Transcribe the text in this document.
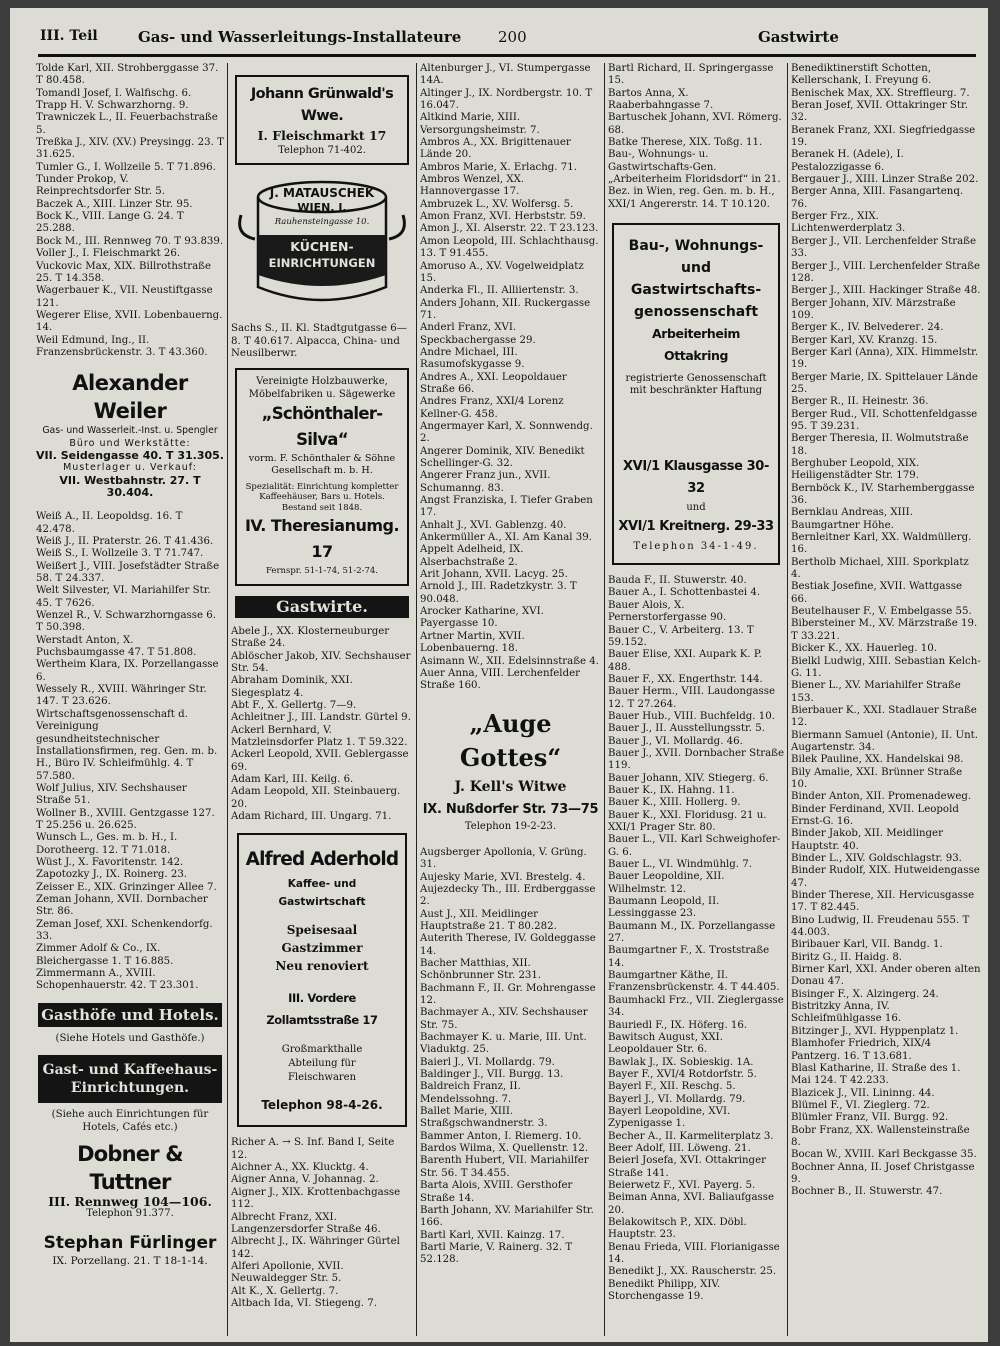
III. Teil	Gas- und Wasserleitungs-Installateure 200	Gastwirte
Tolde Karl, XII. Strohberggasse 37. T 80.458.
Tomandl Josef, I. Walfischg. 6.
Trapp H. V. Schwarzhorng. 9.
Trawniczek L., II. Feuerbachstraße 5.
Treßka J., XIV. (XV.) Preysingg. 23. T 31.625.
Tumler G., I. Wollzeile 5. T 71.896.
Tunder Prokop, V. Reinprechtsdorfer Str. 5.
Baczek A., XIII. Linzer Str. 95.
Bock K., VIII. Lange G. 24. T 25.288.
Bock M., III. Rennweg 70. T 93.839.
Voller J., I. Fleischmarkt 26.
Vuckovic Max, XIX. Billrothstraße 25. T 14.358.
Wagerbauer K., VII. Neustiftgasse 121.
Wegerer Elise, XVII. Lobenbauerng. 14.
Weil Edmund, Ing., II. Franzensbrückenstr. 3. T 43.360.
Alexander Weiler
Gas- und Wasserleit.-Inst. u. Spengler
Büro und Werkstätte:
VII. Seidengasse 40. T 31.305.
Musterlager u. Verkauf:
VII. Westbahnstr. 27. T 30.404.
Weiß A., II. Leopoldsg. 16. T 42.478.
Weiß J., II. Praterstr. 26. T 41.436.
Weiß S., I. Wollzeile 3. T 71.747.
Weißert J., VIII. Josefstädter Straße 58. T 24.337.
Welt Silvester, VI. Mariahilfer Str. 45. T 7626.
Wenzel R., V. Schwarzhorngasse 6. T 50.398.
Werstadt Anton, X. Puchsbaumgasse 47. T 51.808.
Wertheim Klara, IX. Porzellangasse 6.
Wessely R., XVIII. Währinger Str. 147. T 23.626.
Wirtschaftsgenossenschaft d. Vereinigung gesundheitstechnischer Installationsfirmen, reg. Gen. m. b. H., Büro IV. Schleifmühlg. 4. T 57.580.
Wolf Julius, XIV. Sechshauser Straße 51.
Wollner B., XVIII. Gentzgasse 127. T 25.256 u. 26.625.
Wunsch L., Ges. m. b. H., I. Dorotheerg. 12. T 71.018.
Wüst J., X. Favoritenstr. 142.
Zapotozky J., IX. Roinerg. 23.
Zeisser E., XIX. Grinzinger Allee 7.
Zeman Johann, XVII. Dornbacher Str. 86.
Zeman Josef, XXI. Schenkendorfg. 33.
Zimmer Adolf & Co., IX. Bleichergasse 1. T 16.885.
Zimmermann A., XVIII. Schopenhauerstr. 42. T 23.301.
Gasthöfe und Hotels.
(Siehe Hotels und Gasthöfe.)
Gast- und Kaffeehaus-
Einrichtungen.
(Siehe auch Einrichtungen für Hotels, Cafés etc.)
Dobner & Tuttner
III. Rennweg 104—106.
Telephon 91.377.
Stephan Fürlinger
IX. Porzellang. 21. T 18-1-14.
Johann Grünwald's Wwe.
I. Fleischmarkt 17
Telephon 71-402.
J. MATAUSCHEK
WIEN, I.
Rauhensteingasse 10.
KÜCHEN-
EINRICHTUNGEN
Sachs S., II. Kl. Stadtgutgasse 6—8. T 40.617. Alpacca, China- und Neusilberwr.
Vereinigte Holzbauwerke,
Möbelfabriken u. Sägewerke
„Schönthaler-Silva“
vorm. F. Schönthaler & Söhne
Gesellschaft m. b. H.
Spezialität: Einrichtung kompletter Kaffeehäuser, Bars u. Hotels. Bestand seit 1848.
IV. Theresianumg. 17
Fernspr. 51-1-74, 51-2-74.
Gastwirte.
Abele J., XX. Klosterneuburger Straße 24.
Ablöscher Jakob, XIV. Sechshauser Str. 54.
Abraham Dominik, XXI. Siegesplatz 4.
Abt F., X. Gellertg. 7—9.
Achleitner J., III. Landstr. Gürtel 9.
Ackerl Bernhard, V. Matzleinsdorfer Platz 1. T 59.322.
Ackerl Leopold, XVII. Geblergasse 69.
Adam Karl, III. Keilg. 6.
Adam Leopold, XII. Steinbauerg. 20.
Adam Richard, III. Ungarg. 71.
Alfred Aderhold
Kaffee- und Gastwirtschaft
Speisesaal
Gastzimmer
Neu renoviert
III. Vordere Zollamtsstraße 17
Großmarkthalle
Abteilung für
Fleischwaren
Telephon 98-4-26.
Richer A. → S. Inf. Band I, Seite 12.
Aichner A., XX. Klucktg. 4.
Aigner Anna, V. Johannag. 2.
Aigner J., XIX. Krottenbachgasse 112.
Albrecht Franz, XXI. Langenzersdorfer Straße 46.
Albrecht J., IX. Währinger Gürtel 142.
Alferi Apollonie, XVII. Neuwaldegger Str. 5.
Alt K., X. Gellertg. 7.
Altbach Ida, VI. Stiegeng. 7.
Altenburger J., VI. Stumpergasse 14A.
Altinger J., IX. Nordbergstr. 10. T 16.047.
Altkind Marie, XIII. Versorgungsheimstr. 7.
Ambros A., XX. Brigittenauer Lände 20.
Ambros Marie, X. Erlachg. 71.
Ambros Wenzel, XX. Hannovergasse 17.
Ambruzek L., XV. Wolfersg. 5.
Amon Franz, XVI. Herbststr. 59.
Amon J., XI. Alserstr. 22. T 23.123.
Amon Leopold, III. Schlachthausg. 13. T 91.455.
Amoruso A., XV. Vogelweidplatz 15.
Anderka Fl., II. Alliiertenstr. 3.
Anders Johann, XII. Ruckergasse 71.
Anderl Franz, XVI. Speckbachergasse 29.
Andre Michael, III. Rasumofskygasse 9.
Andres A., XXI. Leopoldauer Straße 66.
Andres Franz, XXI/4 Lorenz Kellner-G. 458.
Angermayer Karl, X. Sonnwendg. 2.
Angerer Dominik, XIV. Benedikt Schellinger-G. 32.
Angerer Franz jun., XVII. Schumanng. 83.
Angst Franziska, I. Tiefer Graben 17.
Anhalt J., XVI. Gablenzg. 40.
Ankermüller A., XI. Am Kanal 39.
Appelt Adelheid, IX. Alserbachstraße 2.
Arit Johann, XVII. Lacyg. 25.
Arnold J., III. Radetzkystr. 3. T 90.048.
Arocker Katharine, XVI. Payergasse 10.
Artner Martin, XVII. Lobenbauerng. 18.
Asimann W., XII. Edelsinnstraße 4.
Auer Anna, VIII. Lerchenfelder Straße 160.
„Auge Gottes“
J. Kell's Witwe
IX. Nußdorfer Str. 73—75
Telephon 19-2-23.
Augsberger Apollonia, V. Grüng. 31.
Aujesky Marie, XVI. Brestelg. 4.
Aujezdecky Th., III. Erdberggasse 2.
Aust J., XII. Meidlinger Hauptstraße 21. T 80.282.
Auterith Therese, IV. Goldeggasse 14.
Bacher Matthias, XII. Schönbrunner Str. 231.
Bachmann F., II. Gr. Mohrengasse 12.
Bachmayer A., XIV. Sechshauser Str. 75.
Bachmayer K. u. Marie, III. Unt. Viaduktg. 25.
Baierl J., VI. Mollardg. 79.
Baldinger J., VII. Burgg. 13.
Baldreich Franz, II. Mendelssohng. 7.
Ballet Marie, XIII. Straßgschwandnerstr. 3.
Bammer Anton, I. Riemerg. 10.
Bardos Wilma, X. Quellenstr. 12.
Barenth Hubert, VII. Mariahilfer Str. 56. T 34.455.
Barta Alois, XVIII. Gersthofer Straße 14.
Barth Johann, XV. Mariahilfer Str. 166.
Bartl Karl, XVII. Kainzg. 17.
Bartl Marie, V. Rainerg. 32. T 52.128.
Bartl Richard, II. Springergasse 15.
Bartos Anna, X. Raaberbahngasse 7.
Bartuschek Johann, XVI. Römerg. 68.
Batke Therese, XIX. Toßg. 11.
Bau-, Wohnungs- u. Gastwirtschafts-Gen. „Arbeiterheim Floridsdorf“ in 21. Bez. in Wien, reg. Gen. m. b. H., XXI/1 Angererstr. 14. T 10.120.
Bau-, Wohnungs-
und Gastwirtschafts-
genossenschaft
Arbeiterheim Ottakring
registrierte Genossenschaft
mit beschränkter Haftung
XVI/1 Klausgasse 30-32
und
XVI/1 Kreitnerg. 29-33
Telephon 34-1-49.
Bauda F., II. Stuwerstr. 40.
Bauer A., I. Schottenbastei 4.
Bauer Alois, X. Pernerstorfergasse 90.
Bauer C., V. Arbeiterg. 13. T 59.152.
Bauer Elise, XXI. Aupark K. P. 488.
Bauer F., XX. Engerthstr. 144.
Bauer Herm., VIII. Laudongasse 12. T 27.264.
Bauer Hub., VIII. Buchfeldg. 10.
Bauer J., II. Ausstellungsstr. 5.
Bauer J., VI. Mollardg. 46.
Bauer J., XVII. Dornbacher Straße 119.
Bauer Johann, XIV. Stiegerg. 6.
Bauer K., IX. Hahng. 11.
Bauer K., XIII. Hollerg. 9.
Bauer K., XXI. Floridusg. 21 u. XXI/1 Prager Str. 80.
Bauer L., VII. Karl Schweighofer-G. 6.
Bauer L., VI. Windmühlg. 7.
Bauer Leopoldine, XII. Wilhelmstr. 12.
Baumann Leopold, II. Lessinggasse 23.
Baumann M., IX. Porzellangasse 27.
Baumgartner F., X. Troststraße 14.
Baumgartner Käthe, II. Franzensbrückenstr. 4. T 44.405.
Baumhackl Frz., VII. Zieglergasse 34.
Bauriedl F., IX. Höferg. 16.
Bawitsch August, XXI. Leopoldauer Str. 6.
Bawlak J., IX. Sobieskig. 1A.
Bayer F., XVI/4 Rotdorfstr. 5.
Bayerl F., XII. Reschg. 5.
Bayerl J., VI. Mollardg. 79.
Bayerl Leopoldine, XVI. Zypenigasse 1.
Becher A., II. Karmeliterplatz 3.
Beer Adolf, III. Löweng. 21.
Beierl Josefa, XVI. Ottakringer Straße 141.
Beierwetz F., XVI. Payerg. 5.
Beiman Anna, XVI. Baliaufgasse 20.
Belakowitsch P., XIX. Döbl. Hauptstr. 23.
Benau Frieda, VIII. Florianigasse 14.
Benedikt J., XX. Rauscherstr. 25.
Benedikt Philipp, XIV. Storchengasse 19.
Benediktinerstift Schotten, Kellerschank, I. Freyung 6.
Benischek Max, XX. Streffleurg. 7.
Beran Josef, XVII. Ottakringer Str. 32.
Beranek Franz, XXI. Siegfriedgasse 19.
Beranek H. (Adele), I. Pestalozzigasse 6.
Bergauer J., XIII. Linzer Straße 202.
Berger Anna, XIII. Fasangartenq. 76.
Berger Frz., XIX. Lichtenwerderplatz 3.
Berger J., VII. Lerchenfelder Straße 33.
Berger J., VIII. Lerchenfelder Straße 128.
Berger J., XIII. Hackinger Straße 48.
Berger Johann, XIV. Märzstraße 109.
Berger K., IV. Belvederег. 24.
Berger Karl, XV. Kranzg. 15.
Berger Karl (Anna), XIX. Himmelstr. 19.
Berger Marie, IX. Spittelauer Lände 25.
Berger R., II. Heinestr. 36.
Berger Rud., VII. Schottenfeldgasse 95. T 39.231.
Berger Theresia, II. Wolmutstraße 18.
Berghuber Leopold, XIX. Heiligenstädter Str. 179.
Bernböck K., IV. Starhemberggasse 36.
Bernklau Andreas, XIII. Baumgartner Höhe.
Bernleitner Karl, XX. Waldmüllerg. 16.
Bertholb Michael, XIII. Sporkplatz 4.
Bestiak Josefine, XVII. Wattgasse 66.
Beutelhauser F., V. Embelgasse 55.
Bibersteiner M., XV. Märzstraße 19. T 33.221.
Bicker K., XX. Hauerleg. 10.
Bielkl Ludwig, XIII. Sebastian Kelch-G. 11.
Biener L., XV. Mariahilfer Straße 153.
Bierbauer K., XXI. Stadlauer Straße 12.
Biermann Samuel (Antonie), II. Unt. Augartenstr. 34.
Bilek Pauline, XX. Handelskai 98.
Bily Amalie, XXI. Brünner Straße 10.
Binder Anton, XII. Promenadeweg.
Binder Ferdinand, XVII. Leopold Ernst-G. 16.
Binder Jakob, XII. Meidlinger Hauptstr. 40.
Binder L., XIV. Goldschlagstr. 93.
Binder Rudolf, XIX. Hutweidengasse 47.
Binder Therese, XII. Hervicusgasse 17. T 82.445.
Bino Ludwig, II. Freudenau 555. T 44.003.
Biribauer Karl, VII. Bandg. 1.
Biritz G., II. Haidg. 8.
Birner Karl, XXI. Ander oberen alten Donau 47.
Bisinger F., X. Alzingerg. 24.
Bistritzky Anna, IV. Schleifmühlgasse 16.
Bitzinger J., XVI. Hyppenplatz 1.
Blamhofer Friedrich, XIX/4 Pantzerg. 16. T 13.681.
Blasl Katharine, II. Straße des 1. Mai 124. T 42.233.
Blazicek J., VII. Lininng. 44.
Blümel F., VI. Zieglerg. 72.
Blümler Franz, VII. Burgg. 92.
Bobr Franz, XX. Wallensteinstraße 8.
Bocan W., XVIII. Karl Beckgasse 35.
Bochner Anna, II. Josef Christgasse 9.
Bochner B., II. Stuwerstr. 47.
